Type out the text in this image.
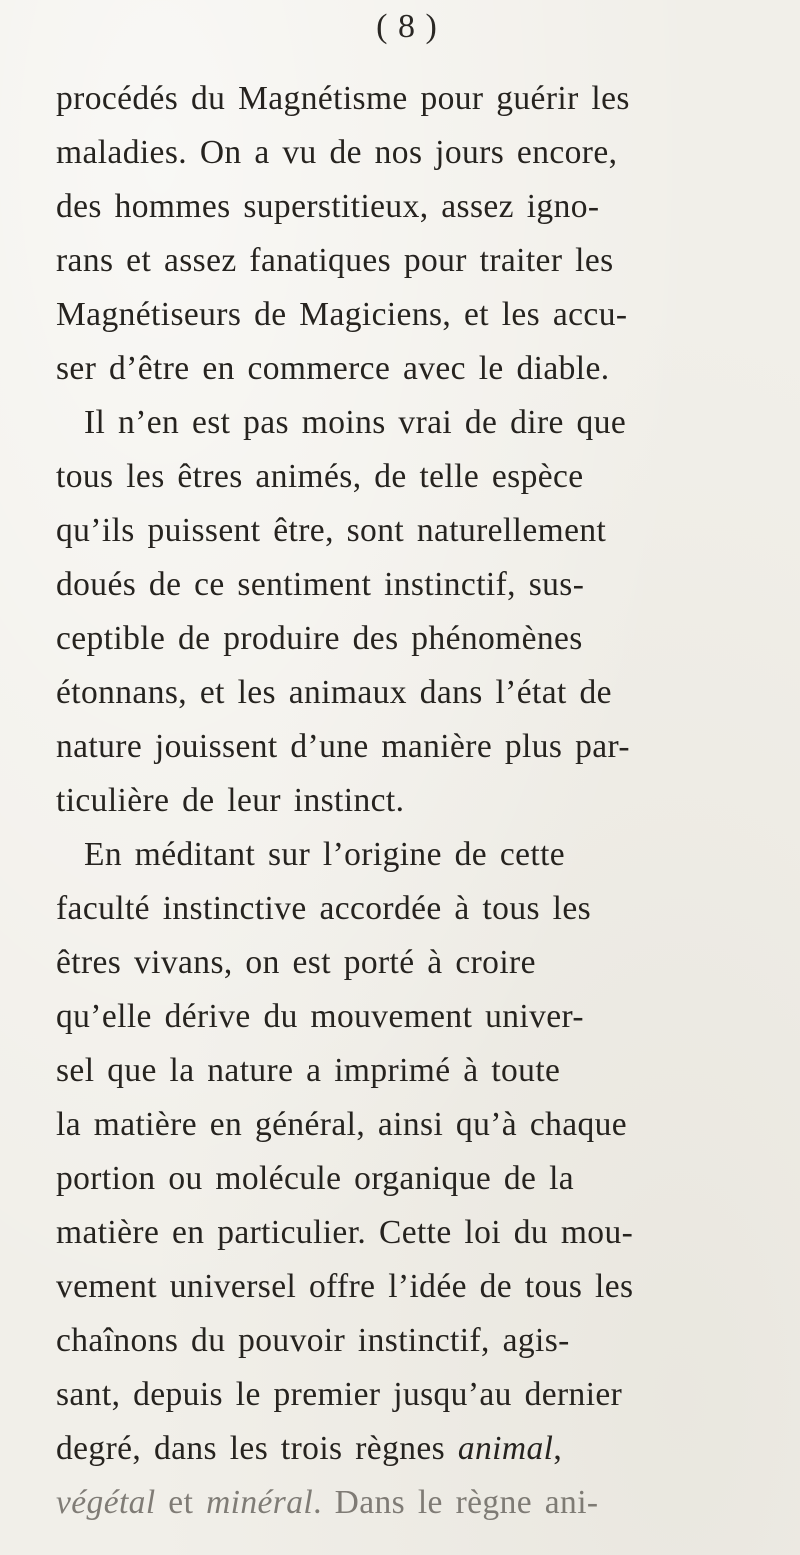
( 8 )
procédés du Magnétisme pour guérir les
maladies. On a vu de nos jours encore,
des hommes superstitieux, assez igno-
rans et assez fanatiques pour traiter les
Magnétiseurs de Magiciens, et les accu-
ser d’être en commerce avec le diable.
Il n’en est pas moins vrai de dire que
tous les êtres animés, de telle espèce
qu’ils puissent être, sont naturellement
doués de ce sentiment instinctif, sus-
ceptible de produire des phénomènes
étonnans, et les animaux dans l’état de
nature jouissent d’une manière plus par-
ticulière de leur instinct.
En méditant sur l’origine de cette
faculté instinctive accordée à tous les
êtres vivans, on est porté à croire
qu’elle dérive du mouvement univer-
sel que la nature a imprimé à toute
la matière en général, ainsi qu’à chaque
portion ou molécule organique de la
matière en particulier. Cette loi du mou-
vement universel offre l’idée de tous les
chaînons du pouvoir instinctif, agis-
sant, depuis le premier jusqu’au dernier
degré, dans les trois règnes animal,
végétal et minéral. Dans le règne ani-
